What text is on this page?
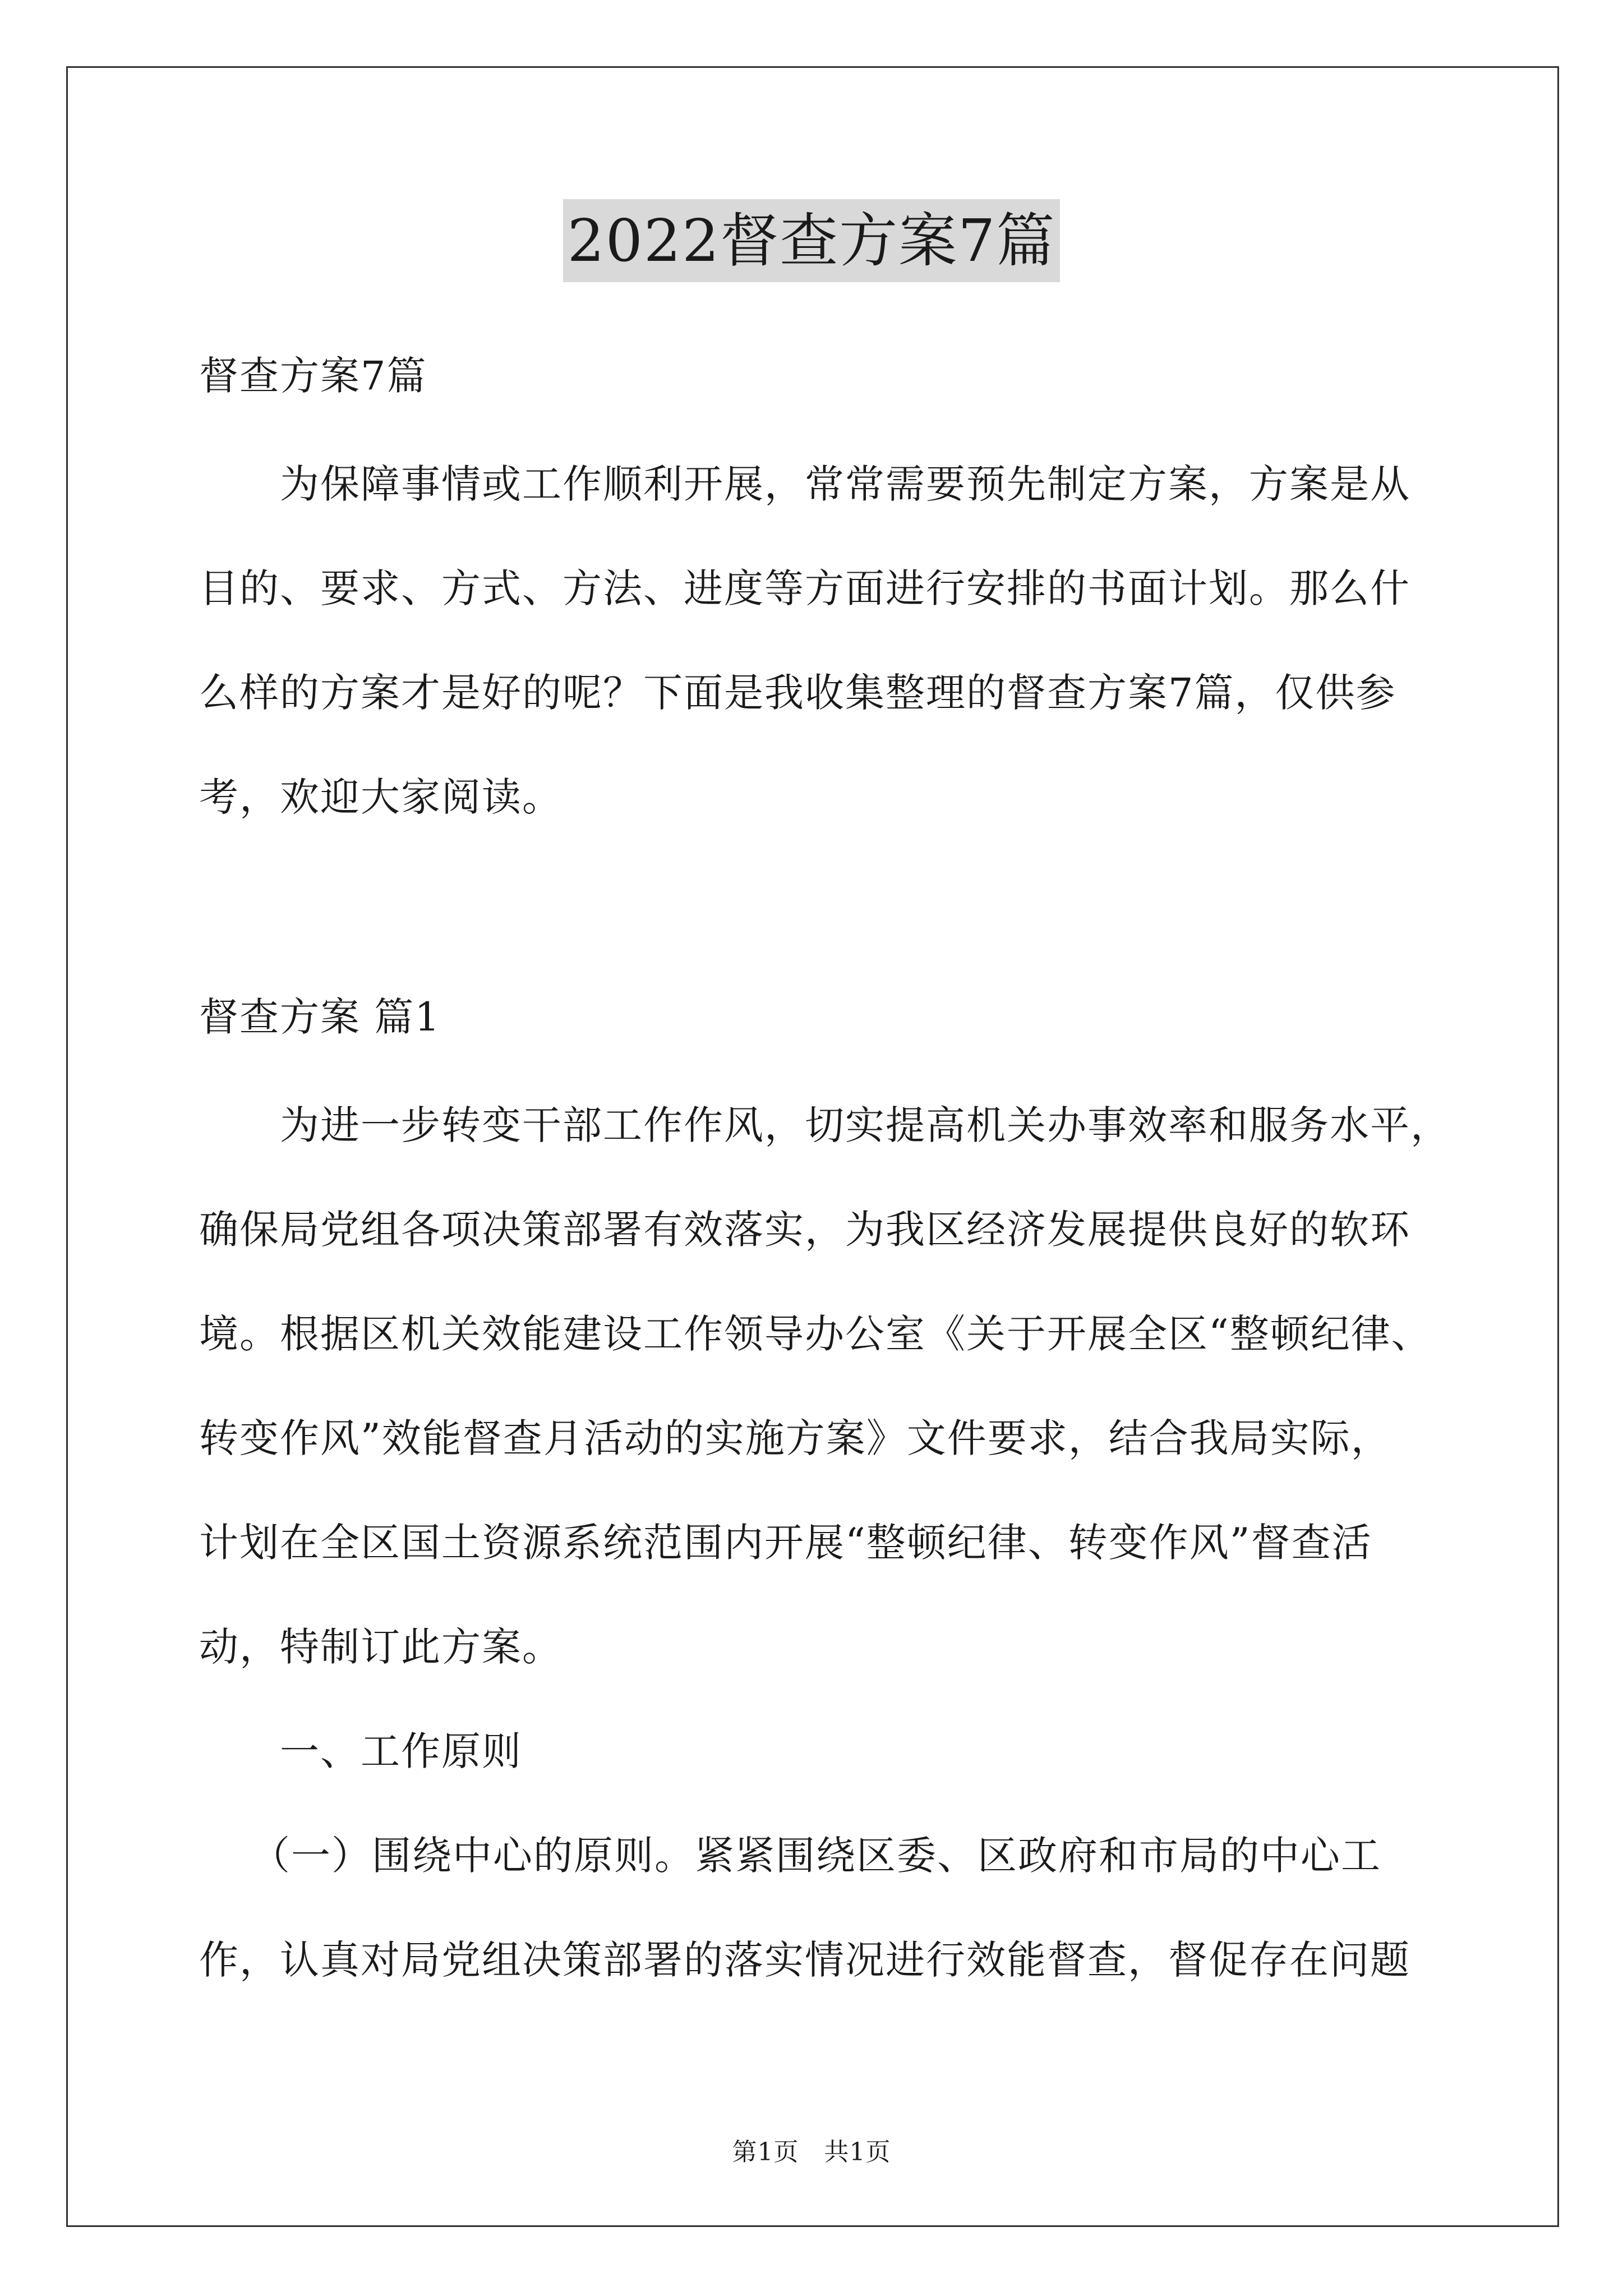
2022督查方案7篇
督查方案7篇
为保障事情或工作顺利开展，常常需要预先制定方案，方案是从
目的、要求、方式、方法、进度等方面进行安排的书面计划。那么什
么样的方案才是好的呢？下面是我收集整理的督查方案7篇，仅供参
考，欢迎大家阅读。
督查方案 篇1
为进一步转变干部工作作风，切实提高机关办事效率和服务水平，
确保局党组各项决策部署有效落实，为我区经济发展提供良好的软环
境。根据区机关效能建设工作领导办公室《关于开展全区“整顿纪律、
转变作风”效能督查月活动的实施方案》文件要求，结合我局实际，
计划在全区国土资源系统范围内开展“整顿纪律、转变作风”督查活
动，特制订此方案。
一、工作原则
（一）围绕中心的原则。紧紧围绕区委、区政府和市局的中心工
作，认真对局党组决策部署的落实情况进行效能督查，督促存在问题
第1页　共1页
